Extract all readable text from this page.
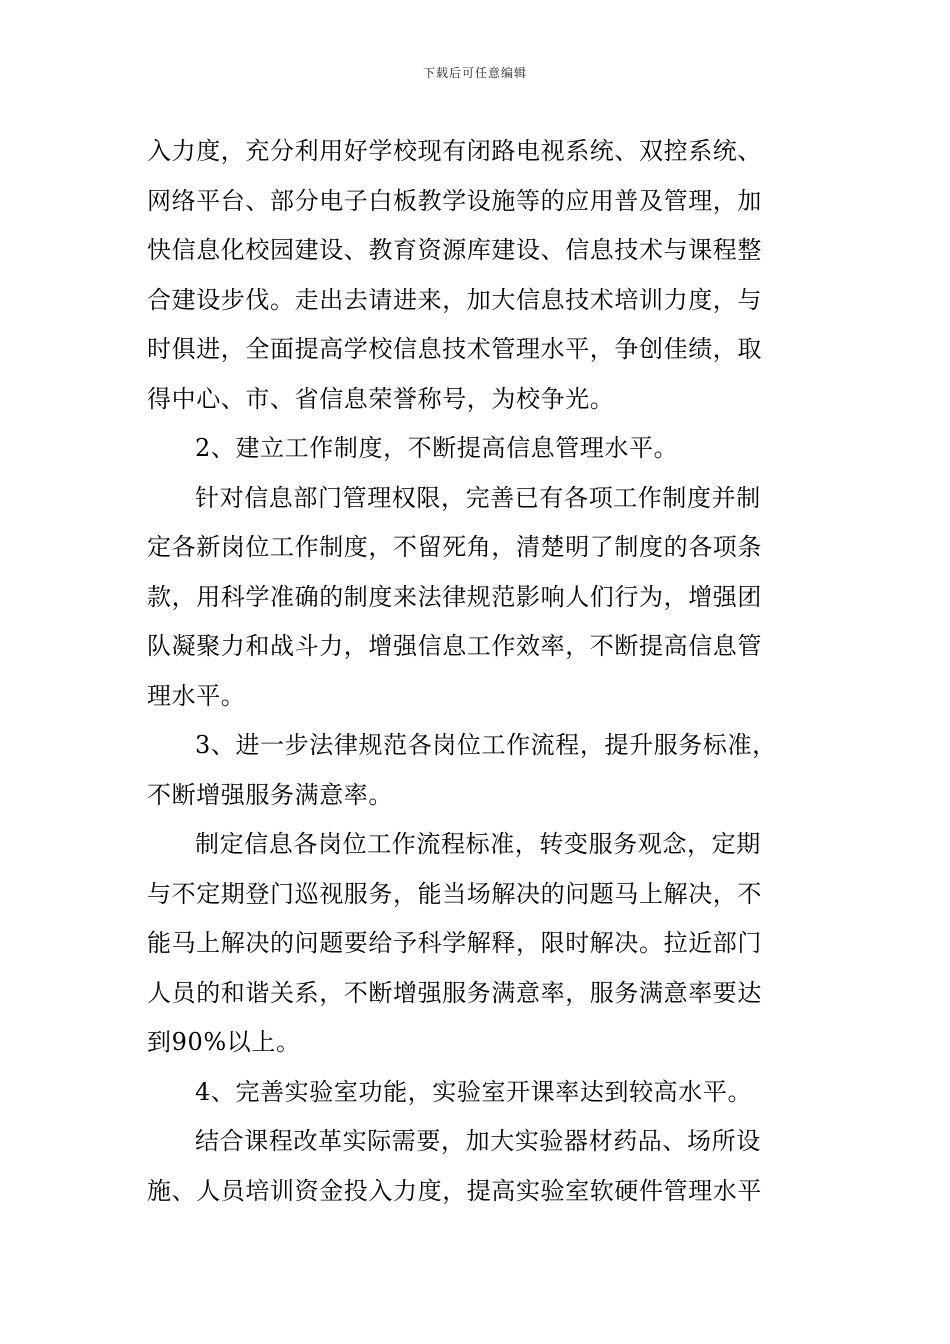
下载后可任意编辑
入力度，充分利用好学校现有闭路电视系统、双控系统、
网络平台、部分电子白板教学设施等的应用普及管理，加
快信息化校园建设、教育资源库建设、信息技术与课程整
合建设步伐。走出去请进来，加大信息技术培训力度，与
时俱进，全面提高学校信息技术管理水平，争创佳绩，取
得中心、市、省信息荣誉称号，为校争光。
2、建立工作制度，不断提高信息管理水平。
针对信息部门管理权限，完善已有各项工作制度并制
定各新岗位工作制度，不留死角，清楚明了制度的各项条
款，用科学准确的制度来法律规范影响人们行为，增强团
队凝聚力和战斗力，增强信息工作效率，不断提高信息管
理水平。
3、进一步法律规范各岗位工作流程，提升服务标准，
不断增强服务满意率。
制定信息各岗位工作流程标准，转变服务观念，定期
与不定期登门巡视服务，能当场解决的问题马上解决，不
能马上解决的问题要给予科学解释，限时解决。拉近部门
人员的和谐关系，不断增强服务满意率，服务满意率要达
到90%以上。
4、完善实验室功能，实验室开课率达到较高水平。
结合课程改革实际需要，加大实验器材药品、场所设
施、人员培训资金投入力度，提高实验室软硬件管理水平
